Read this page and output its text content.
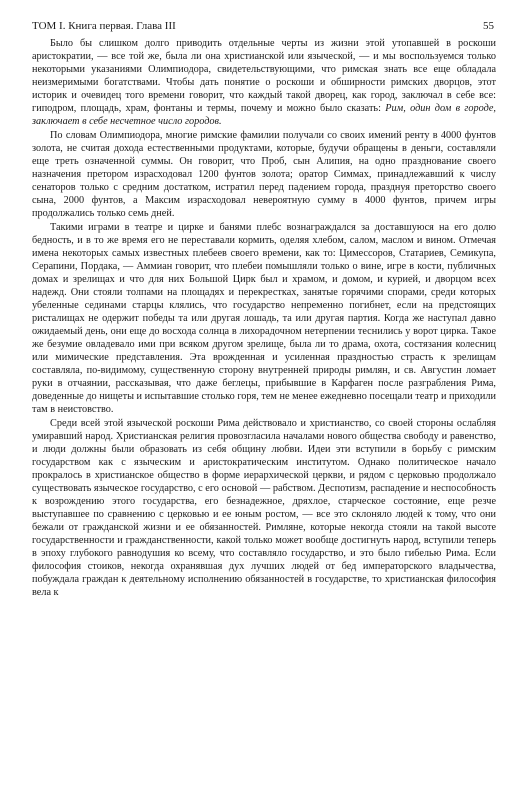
ТОМ I. Книга первая. Глава III	55

Было бы слишком долго приводить отдельные черты из жизни этой утопавшей в роскоши аристократии, — все той же, была ли она христианской или языческой, — и мы воспользуемся только некоторыми указаниями Олимпиодора, свидетельствующими, что римская знать все еще обладала неизмеримыми богатствами. Чтобы дать понятие о роскоши и обширности римских дворцов, этот историк и очевидец того времени говорит, что каждый такой дворец, как город, заключал в себе все: гиподром, площадь, храм, фонтаны и термы, почему и можно было сказать: Рим, один дом в городе, заключает в себе несчетное число городов.

По словам Олимпиодора, многие римские фамилии получали со своих имений ренту в 4000 фунтов золота, не считая дохода естественными продуктами, которые, будучи обращены в деньги, составляли еще треть означенной суммы. Он говорит, что Проб, сын Алипия, на одно празднование своего назначения претором израсходовал 1200 фунтов золота; оратор Симмах, принадлежавший к числу сенаторов только с средним достатком, истратил перед падением города, празднуя преторство своего сына, 2000 фунтов, а Максим израсходовал невероятную сумму в 4000 фунтов, причем игры продолжались только семь дней.

Такими играми в театре и цирке и банями плебс вознаграждался за доставшуюся на его долю бедность, и в то же время его не переставали кормить, оделяя хлебом, салом, маслом и вином. Отмечая имена некоторых самых известных плебеев своего времени, как то: Цимессоров, Статариев, Семикупа, Серапини, Пордака, — Аммиан говорит, что плебеи помышляли только о вине, игре в кости, публичных домах и зрелищах и что для них Большой Цирк был и храмом, и домом, и курией, и дворцом всех надежд. Они стояли толпами на площадях и перекрестках, занятые горячими спорами, среди которых убеленные сединами старцы клялись, что государство непременно погибнет, если на предстоящих ристалищах не одержит победы та или другая лошадь, та или другая партия. Когда же наступал давно ожидаемый день, они еще до восхода солнца в лихорадочном нетерпении теснились у ворот цирка. Такое же безумие овладевало ими при всяком другом зрелище, была ли то драма, охота, состязания колесниц или мимические представления. Эта врожденная и усиленная праздностью страсть к зрелищам составляла, по-видимому, существенную сторону внутренней природы римлян, и св. Августин ломает руки в отчаянии, рассказывая, что даже беглецы, прибывшие в Карфаген после разграбления Рима, доведенные до нищеты и испытавшие столько горя, тем не менее ежедневно посещали театр и приходили там в неистовство.

Среди всей этой языческой роскоши Рима действовало и христианство, со своей стороны ослабляя умиравший народ. Христианская религия провозгласила началами нового общества свободу и равенство, и люди должны были образовать из себя общину любви. Идеи эти вступили в борьбу с римским государством как с языческим и аристократическим институтом. Однако политическое начало прокралось в христианское общество в форме иерархической церкви, и рядом с церковью продолжало существовать языческое государство, с его основой — рабством. Деспотизм, распадение и неспособность к возрождению этого государства, его безнадежное, дряхлое, старческое состояние, еще резче выступавшее по сравнению с церковью и ее юным ростом, — все это склоняло людей к тому, что они бежали от гражданской жизни и ее обязанностей. Римляне, которые некогда стояли на такой высоте государственности и гражданственности, какой только может вообще достигнуть народ, вступили теперь в эпоху глубокого равнодушия ко всему, что составляло государство, и это было гибелью Рима. Если философия стоиков, некогда охранявшая дух лучших людей от бед императорского владычества, побуждала граждан к деятельному исполнению обязанностей в государстве, то христианская философия вела к
